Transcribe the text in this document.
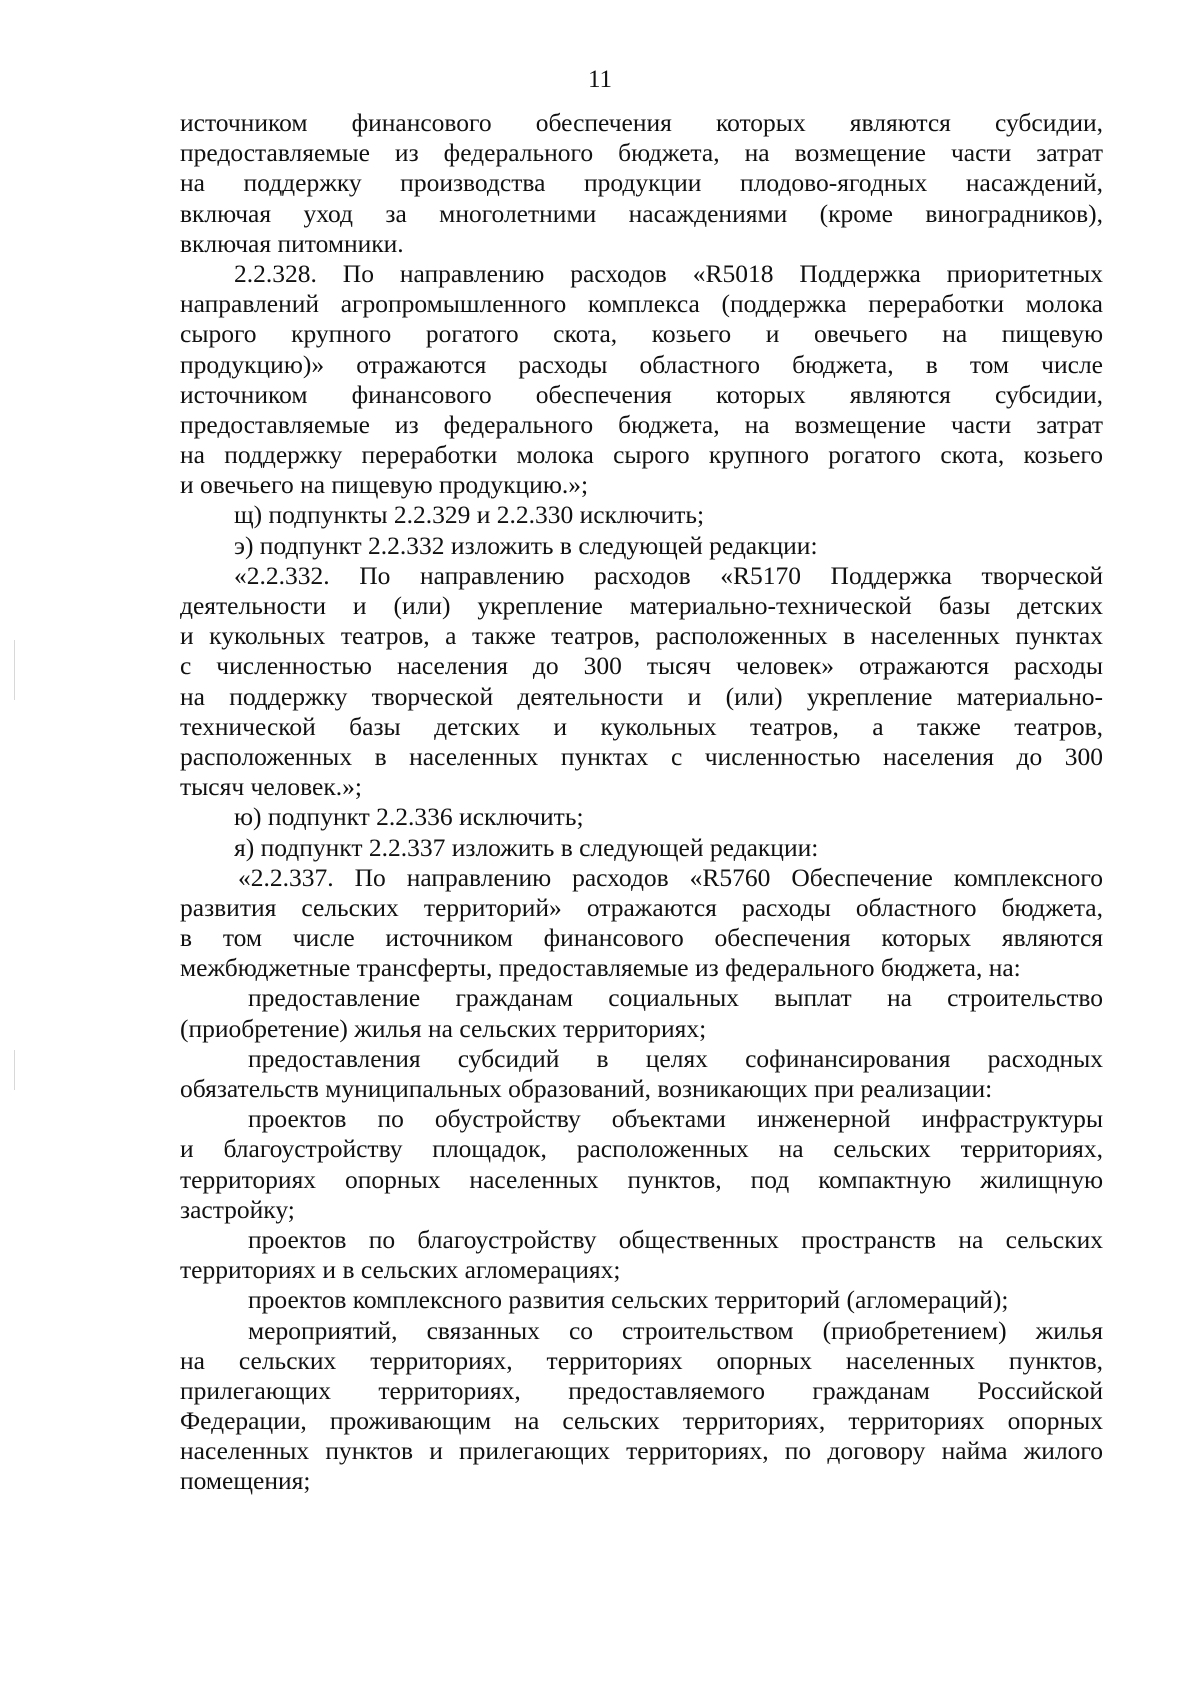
11
источником финансового обеспечения которых являются субсидии,
предоставляемые из федерального бюджета, на возмещение части затрат
на поддержку производства продукции плодово-ягодных насаждений,
включая уход за многолетними насаждениями (кроме виноградников),
включая питомники.
2.2.328. По направлению расходов «R5018 Поддержка приоритетных
направлений агропромышленного комплекса (поддержка переработки молока
сырого крупного рогатого скота, козьего и овечьего на пищевую
продукцию)» отражаются расходы областного бюджета, в том числе
источником финансового обеспечения которых являются субсидии,
предоставляемые из федерального бюджета, на возмещение части затрат
на поддержку переработки молока сырого крупного рогатого скота, козьего
и овечьего на пищевую продукцию.»;
щ) подпункты 2.2.329 и 2.2.330 исключить;
э) подпункт 2.2.332 изложить в следующей редакции:
«2.2.332. По направлению расходов «R5170 Поддержка творческой
деятельности и (или) укрепление материально-технической базы детских
и кукольных театров, а также театров, расположенных в населенных пунктах
с численностью населения до 300 тысяч человек» отражаются расходы
на поддержку творческой деятельности и (или) укрепление материально-
технической базы детских и кукольных театров, а также театров,
расположенных в населенных пунктах с численностью населения до 300
тысяч человек.»;
ю) подпункт 2.2.336 исключить;
я) подпункт 2.2.337 изложить в следующей редакции:
«2.2.337. По направлению расходов «R5760 Обеспечение комплексного
развития сельских территорий» отражаются расходы областного бюджета,
в том числе источником финансового обеспечения которых являются
межбюджетные трансферты, предоставляемые из федерального бюджета, на:
предоставление гражданам социальных выплат на строительство
(приобретение) жилья на сельских территориях;
предоставления субсидий в целях софинансирования расходных
обязательств муниципальных образований, возникающих при реализации:
проектов по обустройству объектами инженерной инфраструктуры
и благоустройству площадок, расположенных на сельских территориях,
территориях опорных населенных пунктов, под компактную жилищную
застройку;
проектов по благоустройству общественных пространств на сельских
территориях и в сельских агломерациях;
проектов комплексного развития сельских территорий (агломераций);
мероприятий, связанных со строительством (приобретением) жилья
на сельских территориях, территориях опорных населенных пунктов,
прилегающих территориях, предоставляемого гражданам Российской
Федерации, проживающим на сельских территориях, территориях опорных
населенных пунктов и прилегающих территориях, по договору найма жилого
помещения;
